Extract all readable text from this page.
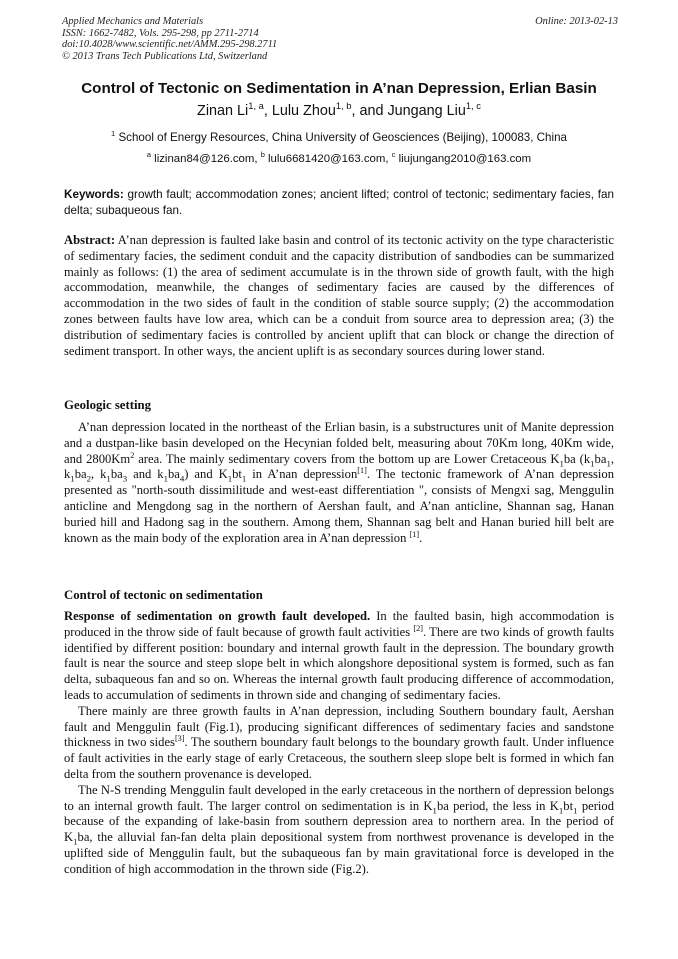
Applied Mechanics and Materials
ISSN: 1662-7482, Vols. 295-298, pp 2711-2714
doi:10.4028/www.scientific.net/AMM.295-298.2711
© 2013 Trans Tech Publications Ltd, Switzerland
Online: 2013-02-13
Control of Tectonic on Sedimentation in A’nan Depression, Erlian Basin
Zinan Li$^{1, a}$, Lulu Zhou$^{1, b}$, and Jungang Liu$^{1, c}$
$^1$ School of Energy Resources, China University of Geosciences (Beijing), 100083, China
$^a$ lizinan84@126.com, $^b$ lulu6681420@163.com, $^c$ liujungang2010@163.com
Keywords: growth fault; accommodation zones; ancient lifted; control of tectonic; sedimentary facies, fan delta; subaqueous fan.

Abstract: A’nan depression is faulted lake basin and control of its tectonic activity on the type characteristic of sedimentary facies, the sediment conduit and the capacity distribution of sandbodies can be summarized mainly as follows: (1) the area of sediment accumulate is in the thrown side of growth fault, with the high accommodation, meanwhile, the changes of sedimentary facies are caused by the differences of accommodation in the two sides of fault in the condition of stable source supply; (2) the accommodation zones between faults have low area, which can be a conduit from source area to depression area; (3) the distribution of sedimentary facies is controlled by ancient uplift that can block or change the direction of sediment transport. In other ways, the ancient uplift is as secondary sources during lower stand.

Geologic setting

A’nan depression located in the northeast of the Erlian basin, is a substructures unit of Manite depression and a dustpan-like basin developed on the Hecynian folded belt, measuring about 70Km long, 40Km wide, and 2800Km$^2$ area. The mainly sedimentary covers from the bottom up are Lower Cretaceous $K_1ba$ ($k_1ba_1$, $k_1ba_2$, $k_1ba_3$ and $k_1ba_4$) and $K_1bt_1$ in A’nan depression[1]. The tectonic framework of A’nan depression presented as "north-south dissimilitude and west-east differentiation ", consists of Mengxi sag, Menggulin anticline and Mengdong sag in the northern of Aershan fault, and A’nan anticline, Shannan sag, Hanan buried hill and Hadong sag in the southern. Among them, Shannan sag belt and Hanan buried hill belt are known as the main body of the exploration area in A’nan depression [1].

Control of tectonic on sedimentation

Response of sedimentation on growth fault developed. In the faulted basin, high accommodation is produced in the throw side of fault because of growth fault activities [2]. There are two kinds of growth faults identified by different position: boundary and internal growth fault in the depression. The boundary growth fault is near the source and steep slope belt in which alongshore depositional system is formed, such as fan delta, subaqueous fan and so on. Whereas the internal growth fault producing difference of accommodation, leads to accumulation of sediments in thrown side and changing of sedimentary facies.

There mainly are three growth faults in A’nan depression, including Southern boundary fault, Aershan fault and Menggulin fault (Fig.1), producing significant differences of sedimentary facies and sandstone thickness in two sides[3]. The southern boundary fault belongs to the boundary growth fault. Under influence of fault activities in the early stage of early Cretaceous, the southern sleep slope belt is formed in which fan delta from the southern provenance is developed.

The N-S trending Menggulin fault developed in the early cretaceous in the northern of depression belongs to an internal growth fault. The larger control on sedimentation is in $K_1ba$ period, the less in $K_1bt_1$ period because of the expanding of lake-basin from southern depression area to northern area. In the period of $K_1ba$, the alluvial fan-fan delta plain depositional system from northwest provenance is developed in the uplifted side of Menggulin fault, but the subaqueous fan by main gravitational force is developed in the condition of high accommodation in the thrown side (Fig.2).
